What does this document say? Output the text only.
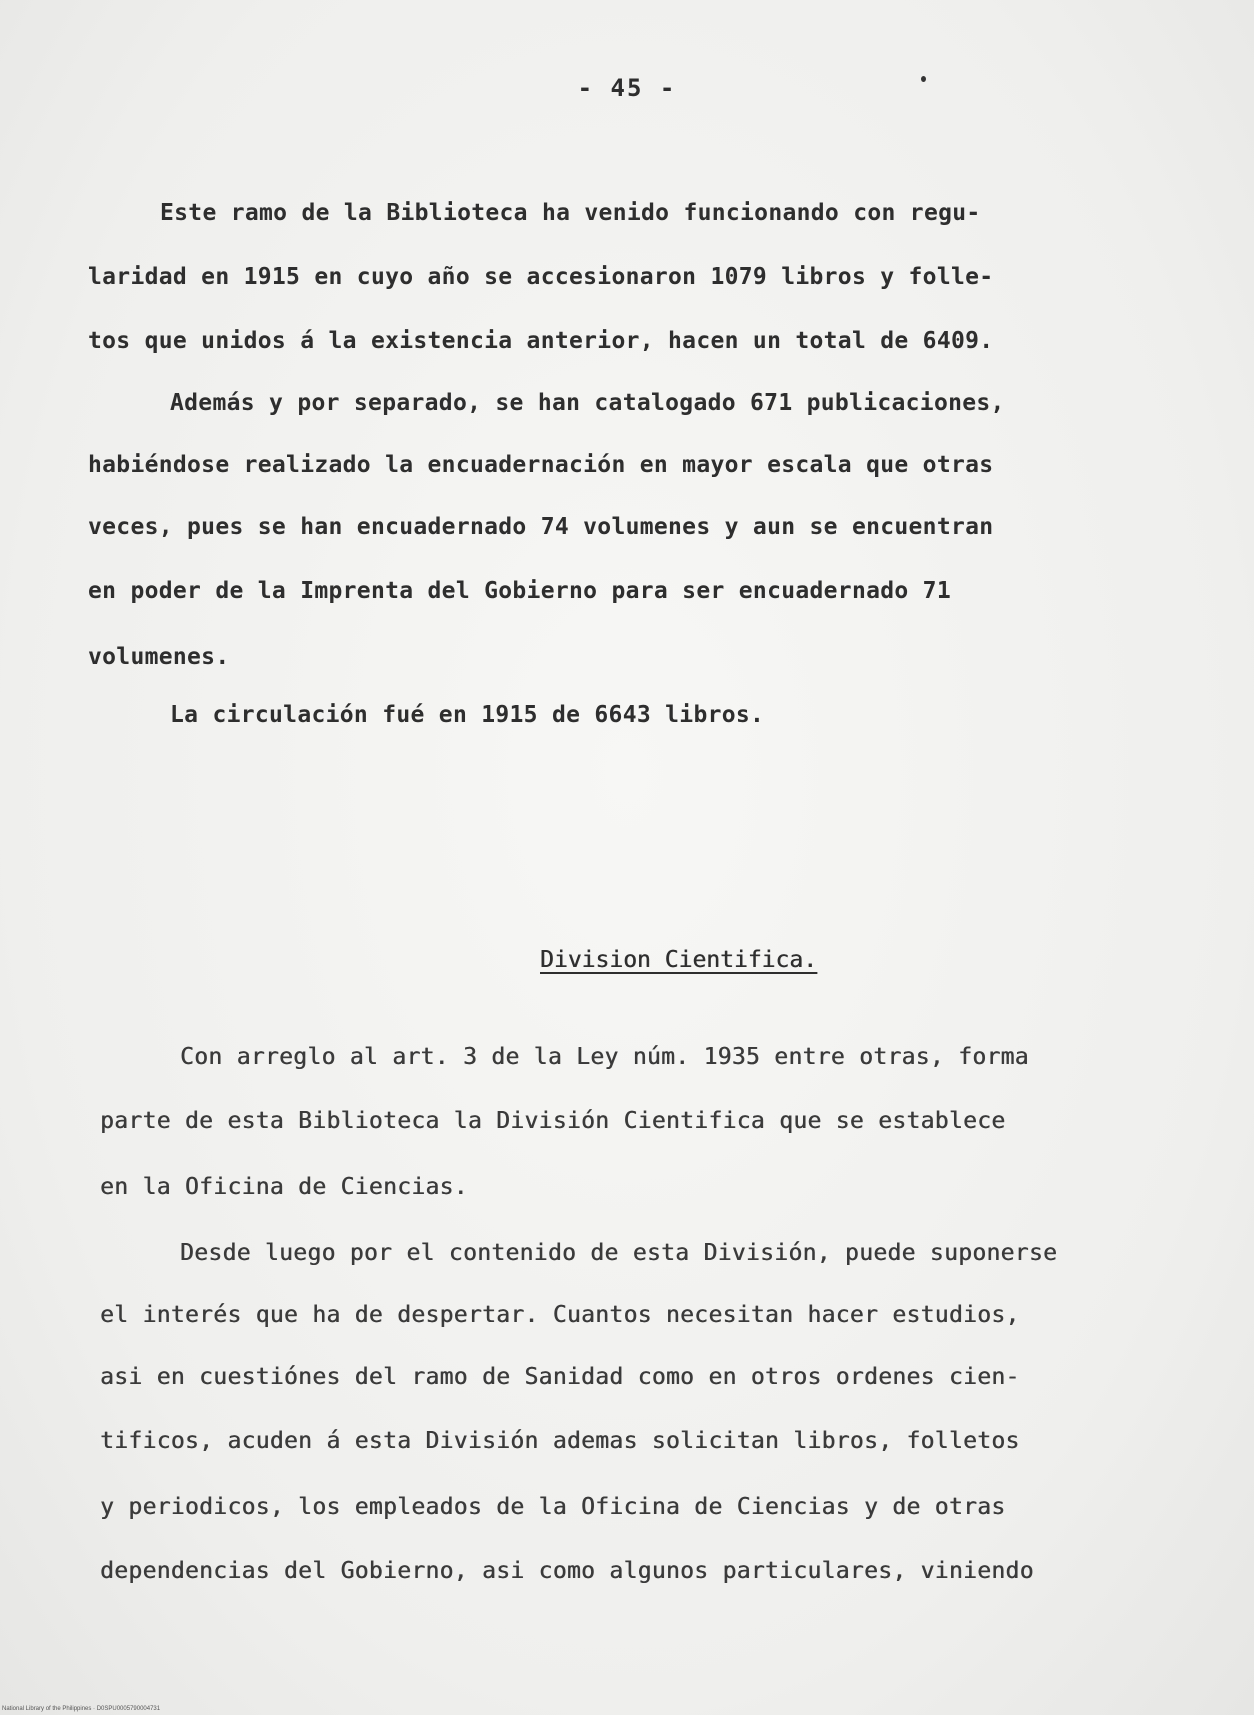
- 45 -
Este ramo de la Biblioteca ha venido funcionando con regu-
laridad en 1915 en cuyo año se accesionaron 1079 libros y folle-
tos que unidos á la existencia anterior, hacen un total de 6409.
Además y por separado, se han catalogado 671 publicaciones,
habiéndose realizado la encuadernación en mayor escala que otras
veces, pues se han encuadernado 74 volumenes y aun se encuentran
en poder de la Imprenta del Gobierno para ser encuadernado 71
volumenes.
La circulación fué en 1915 de 6643 libros.
Division Cientifica.
Con arreglo al art. 3 de la Ley núm. 1935 entre otras, forma
parte de esta Biblioteca la División Cientifica que se establece
en la Oficina de Ciencias.
Desde luego por el contenido de esta División, puede suponerse
el interés que ha de despertar. Cuantos necesitan hacer estudios,
asi en cuestiónes del ramo de Sanidad como en otros ordenes cien-
tificos, acuden á esta División ademas solicitan libros, folletos
y periodicos, los empleados de la Oficina de Ciencias y de otras
dependencias del Gobierno, asi como algunos particulares, viniendo
National Library of the Philippines · D0SPU0005790004731
